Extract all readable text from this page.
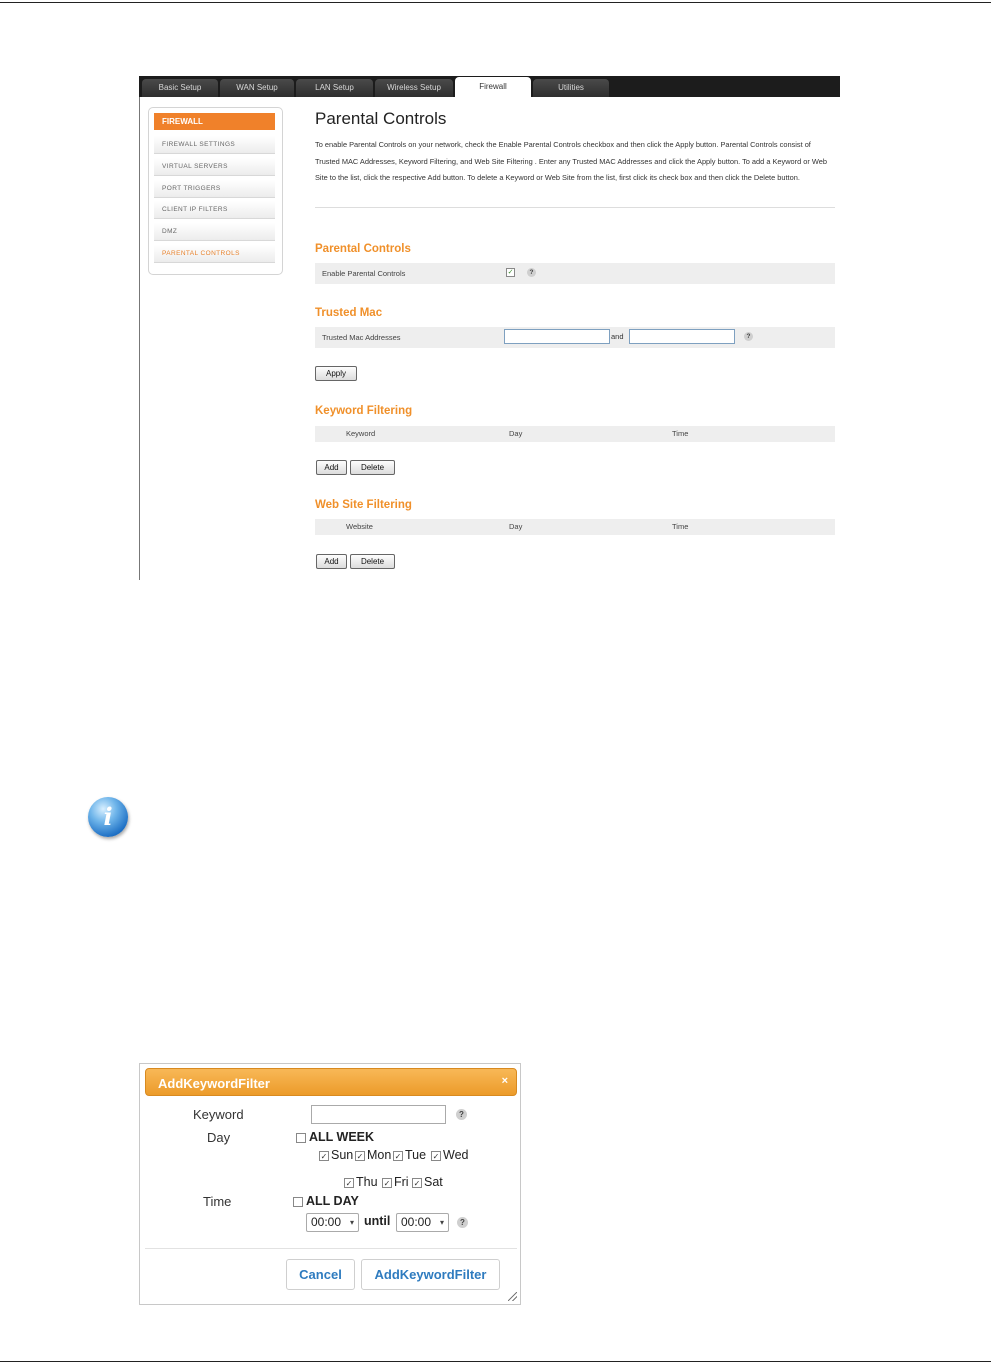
Basic Setup	WAN Setup	LAN Setup	Wireless Setup	Firewall	Utilities
FIREWALL
FIREWALL SETTINGS
VIRTUAL SERVERS
PORT TRIGGERS
CLIENT IP FILTERS
DMZ
PARENTAL CONTROLS
Parental Controls
To enable Parental Controls on your network, check the Enable Parental Controls checkbox and then click the Apply button. Parental Controls consist of Trusted MAC Addresses, Keyword Filtering, and Web Site Filtering . Enter any Trusted MAC Addresses and click the Apply button. To add a Keyword or Web Site to the list, click the respective Add button. To delete a Keyword or Web Site from the list, first click its check box and then click the Delete button.
Parental Controls
Enable Parental Controls	✓	?
Trusted Mac
Trusted Mac Addresses	and	?
Apply
Keyword Filtering
Keyword	Day	Time
Add	Delete
Web Site Filtering
Website	Day	Time
Add	Delete
i
AddKeywordFilter	×
Keyword	?
Day	ALL WEEK
✓ Sun ✓ Mon ✓ Tue ✓ Wed
✓ Thu ✓ Fri ✓ Sat
Time	ALL DAY
00:00 ▾ until 00:00 ▾	?
Cancel	AddKeywordFilter
